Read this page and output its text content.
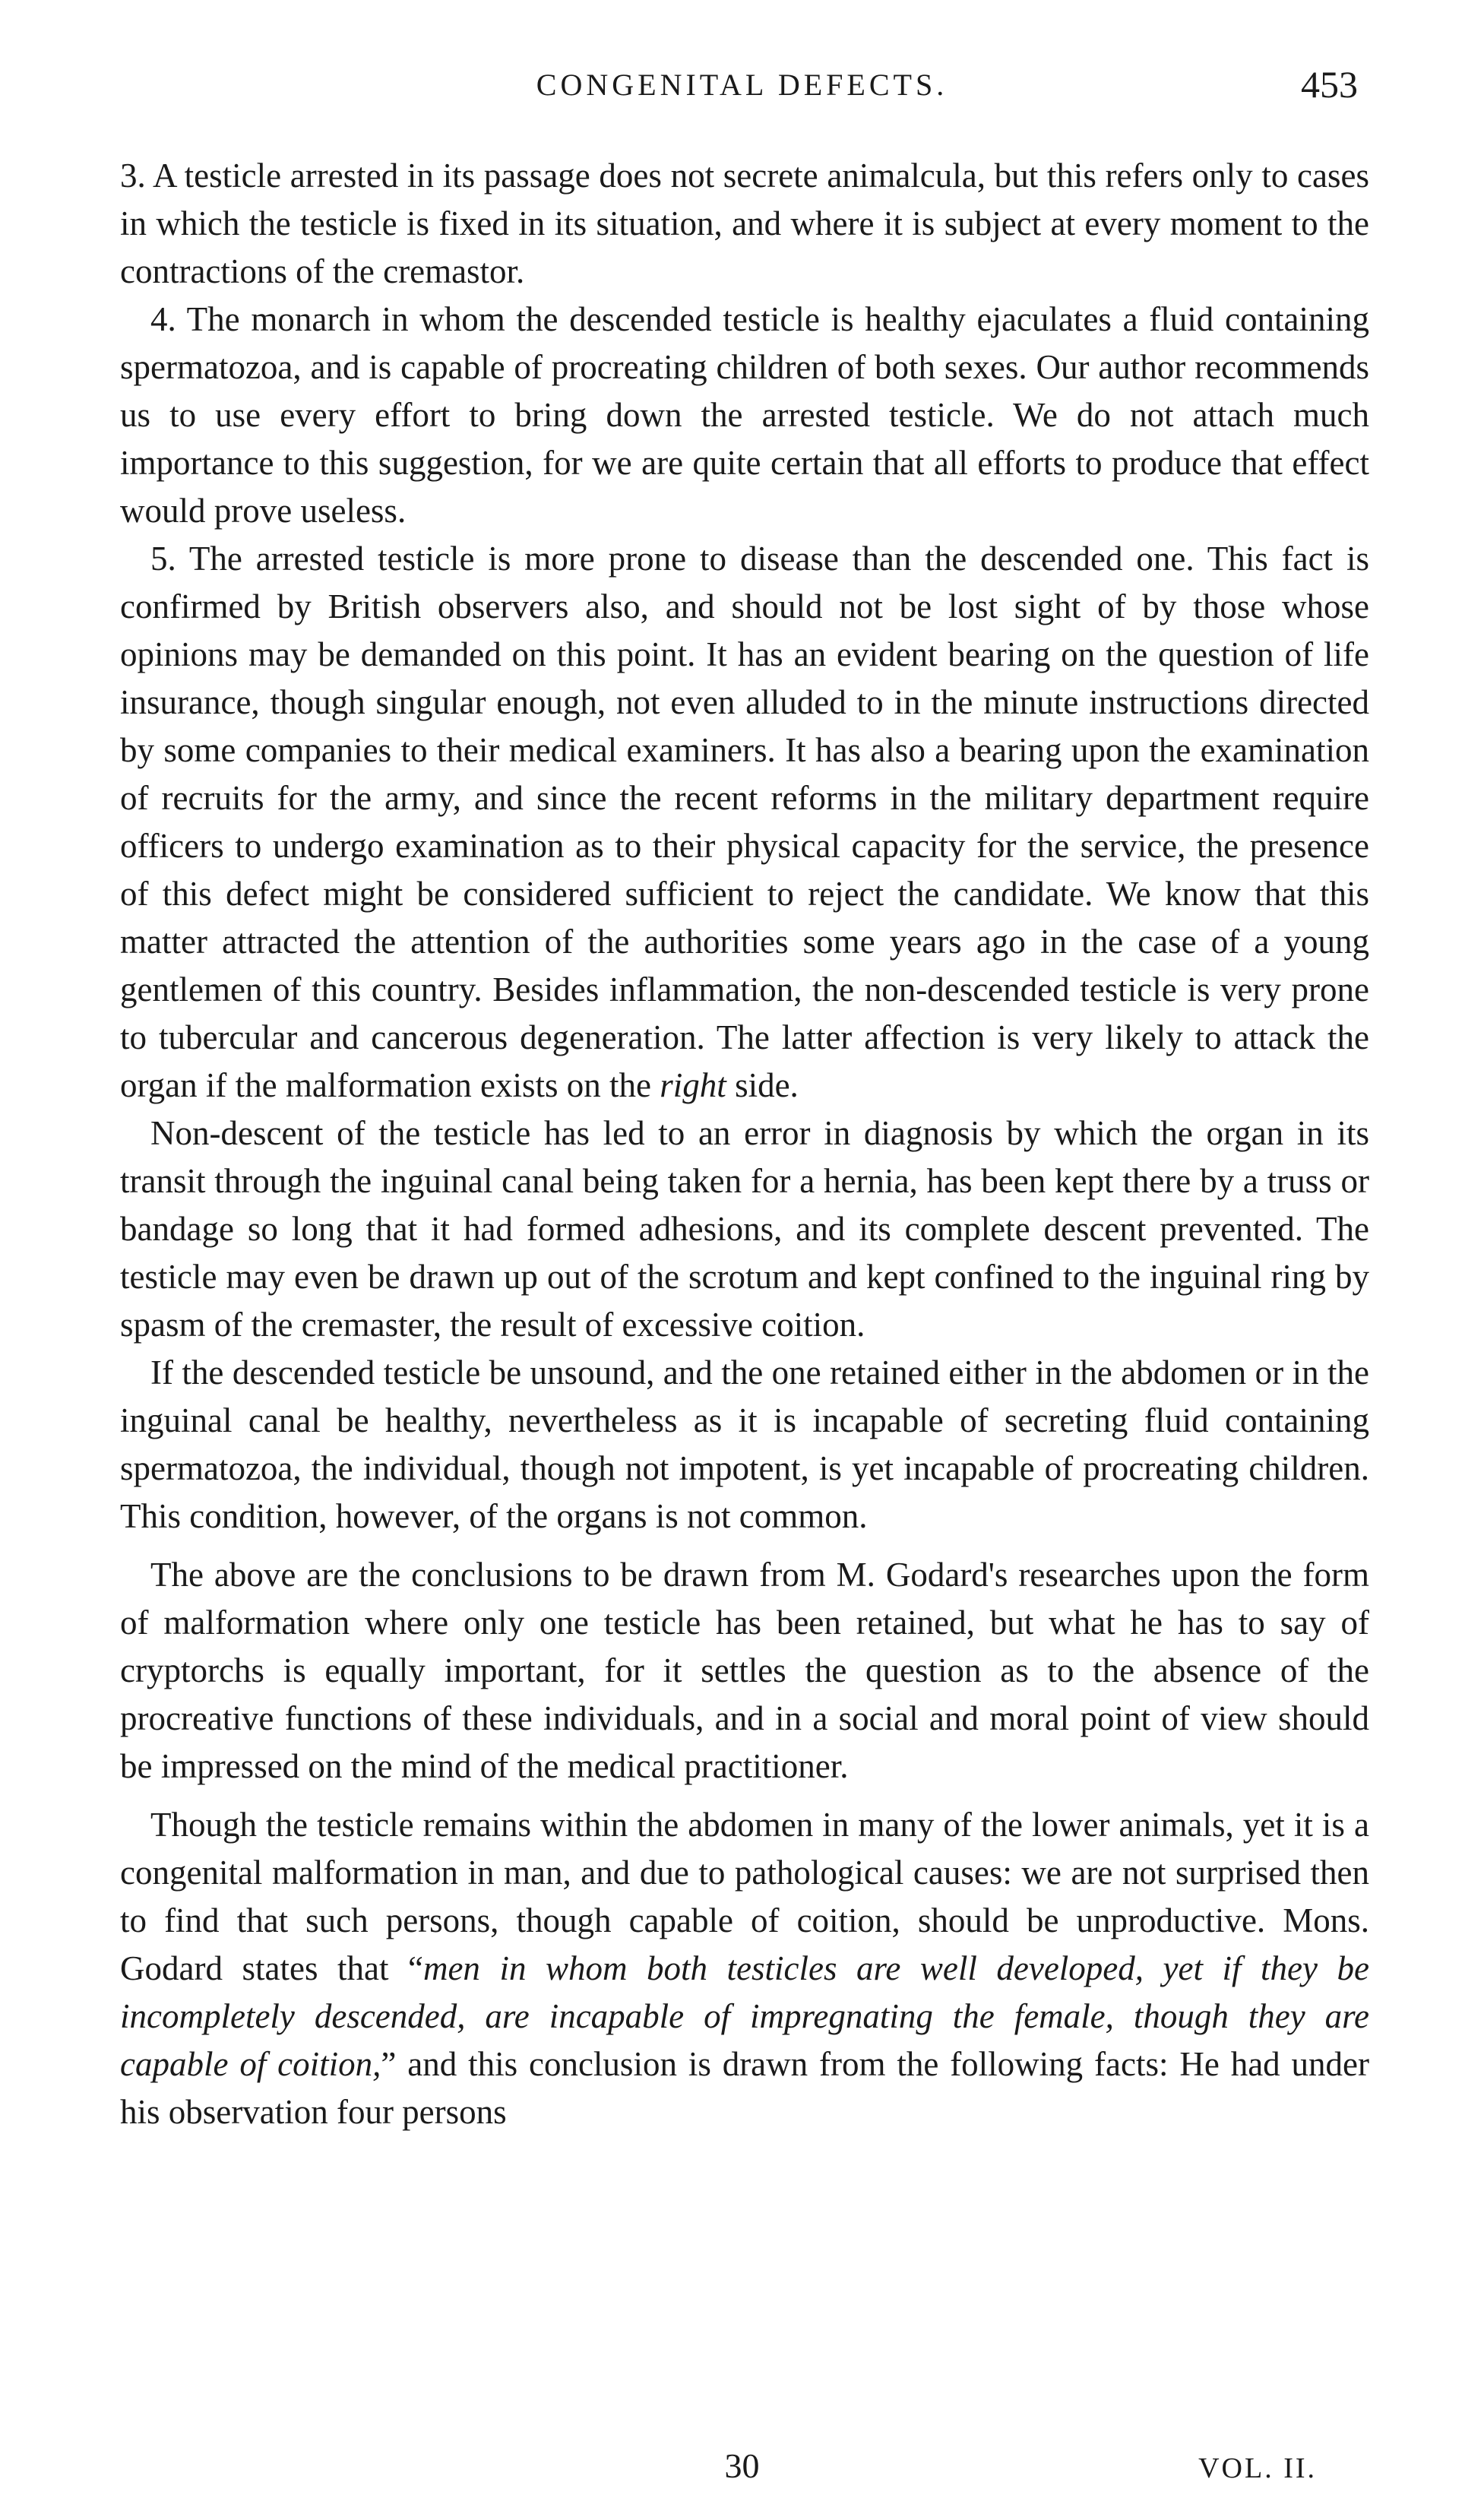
CONGENITAL DEFECTS.	453

3. A testicle arrested in its passage does not secrete animalcula, but this refers only to cases in which the testicle is fixed in its situation, and where it is subject at every moment to the contractions of the cremastor.

4. The monarch in whom the descended testicle is healthy ejaculates a fluid containing spermatozoa, and is capable of procreating children of both sexes. Our author recommends us to use every effort to bring down the arrested testicle. We do not attach much importance to this suggestion, for we are quite certain that all efforts to produce that effect would prove useless.

5. The arrested testicle is more prone to disease than the descended one. This fact is confirmed by British observers also, and should not be lost sight of by those whose opinions may be demanded on this point. It has an evident bearing on the question of life insurance, though singular enough, not even alluded to in the minute instructions directed by some companies to their medical examiners. It has also a bearing upon the examination of recruits for the army, and since the recent reforms in the military department require officers to undergo examination as to their physical capacity for the service, the presence of this defect might be considered sufficient to reject the candidate. We know that this matter attracted the attention of the authorities some years ago in the case of a young gentlemen of this country. Besides inflammation, the non-descended testicle is very prone to tubercular and cancerous degeneration. The latter affection is very likely to attack the organ if the malformation exists on the right side.

Non-descent of the testicle has led to an error in diagnosis by which the organ in its transit through the inguinal canal being taken for a hernia, has been kept there by a truss or bandage so long that it had formed adhesions, and its complete descent prevented. The testicle may even be drawn up out of the scrotum and kept confined to the inguinal ring by spasm of the cremaster, the result of excessive coition.

If the descended testicle be unsound, and the one retained either in the abdomen or in the inguinal canal be healthy, nevertheless as it is incapable of secreting fluid containing spermatozoa, the individual, though not impotent, is yet incapable of procreating children. This condition, however, of the organs is not common.

The above are the conclusions to be drawn from M. Godard's researches upon the form of malformation where only one testicle has been retained, but what he has to say of cryptorchs is equally important, for it settles the question as to the absence of the procreative functions of these individuals, and in a social and moral point of view should be impressed on the mind of the medical practitioner.

Though the testicle remains within the abdomen in many of the lower animals, yet it is a congenital malformation in man, and due to pathological causes: we are not surprised then to find that such persons, though capable of coition, should be unproductive. Mons. Godard states that “men in whom both testicles are well developed, yet if they be incompletely descended, are incapable of impregnating the female, though they are capable of coition,” and this conclusion is drawn from the following facts: He had under his observation four persons

30	VOL. II.
